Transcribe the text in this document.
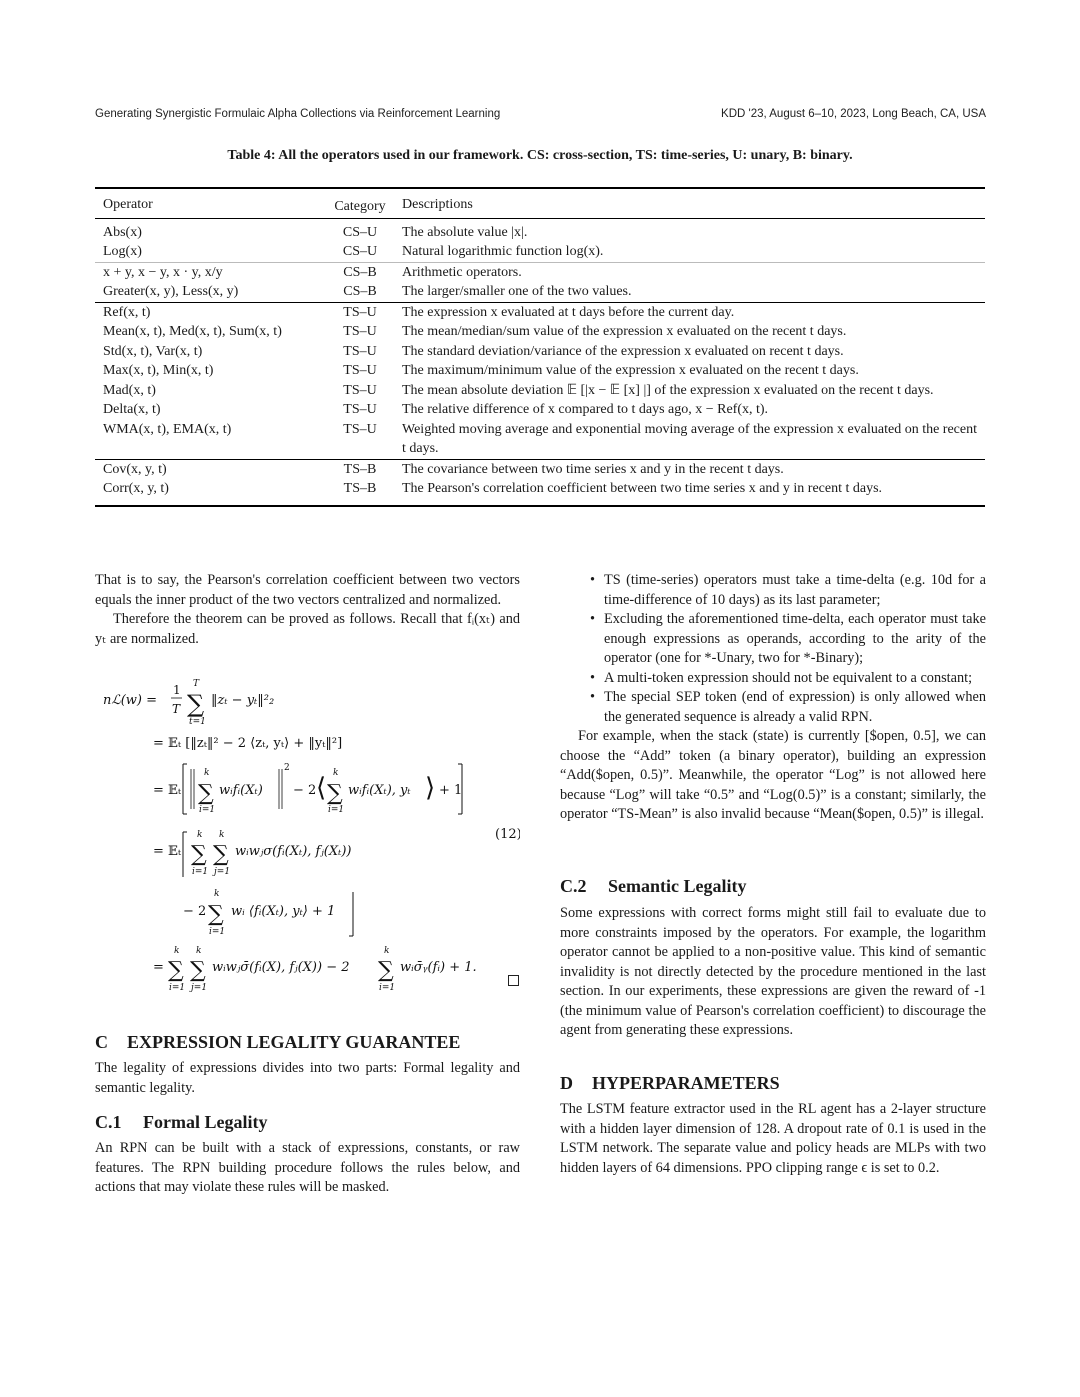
Generating Synergistic Formulaic Alpha Collections via Reinforcement Learning	KDD '23, August 6–10, 2023, Long Beach, CA, USA
Table 4: All the operators used in our framework. CS: cross-section, TS: time-series, U: unary, B: binary.
Operator	Category	Descriptions
Abs(x)	CS–U	The absolute value |x|.
Log(x)	CS–U	Natural logarithmic function log(x).
x + y, x − y, x · y, x/y	CS–B	Arithmetic operators.
Greater(x, y), Less(x, y)	CS–B	The larger/smaller one of the two values.
Ref(x, t)	TS–U	The expression x evaluated at t days before the current day.
Mean(x, t), Med(x, t), Sum(x, t)	TS–U	The mean/median/sum value of the expression x evaluated on the recent t days.
Std(x, t), Var(x, t)	TS–U	The standard deviation/variance of the expression x evaluated on recent t days.
Max(x, t), Min(x, t)	TS–U	The maximum/minimum value of the expression x evaluated on the recent t days.
Mad(x, t)	TS–U	The mean absolute deviation 𝔼 [|x − 𝔼 [x] |] of the expression x evaluated on the recent t days.
Delta(x, t)	TS–U	The relative difference of x compared to t days ago, x − Ref(x, t).
WMA(x, t), EMA(x, t)	TS–U	Weighted moving average and exponential moving average of the expression x evaluated on the recent t days.
Cov(x, y, t)	TS–B	The covariance between two time series x and y in the recent t days.
Corr(x, y, t)	TS–B	The Pearson's correlation coefficient between two time series x and y in recent t days.

That is to say, the Pearson's correlation coefficient between two vectors equals the inner product of the two vectors centralized and normalized.

Therefore the theorem can be proved as follows. Recall that fᵢ(xₜ) and yₜ are normalized.

nℒ(w) =
1
T ∑
T
t=1
‖zₜ − yₜ‖²₂
= 𝔼ₜ [‖zₜ‖² − 2 ⟨zₜ, yₜ⟩ + ‖yₜ‖²]
= 𝔼ₜ ∑
k
i=1
wᵢfᵢ(Xₜ)
2
− 2 ⟨ ∑
k
i=1
wᵢfᵢ(Xₜ), yₜ ⟩ + 1
= 𝔼ₜ ∑
k
i=1
∑
k
j=1
wᵢwⱼσ(fᵢ(Xₜ), fⱼ(Xₜ))
(12)
− 2 ∑
k
i=1
wᵢ ⟨fᵢ(Xₜ), yₜ⟩ + 1
= ∑
k
i=1
∑
k
j=1
wᵢwⱼσ̄(fᵢ(X), fⱼ(X)) − 2 ∑
k
i=1
wᵢσ̄ᵧ(fᵢ) + 1.
C EXPRESSION LEGALITY GUARANTEE

The legality of expressions divides into two parts: Formal legality and semantic legality.

C.1 Formal Legality

An RPN can be built with a stack of expressions, constants, or raw features. The RPN building procedure follows the rules below, and actions that may violate these rules will be masked.

• TS (time-series) operators must take a time-delta (e.g. 10d for a time-difference of 10 days) as its last parameter;
• Excluding the aforementioned time-delta, each operator must take enough expressions as operands, according to the arity of the operator (one for *-Unary, two for *-Binary);
• A multi-token expression should not be equivalent to a constant;
• The special SEP token (end of expression) is only allowed when the generated sequence is already a valid RPN.

For example, when the stack (state) is currently [$open, 0.5], we can choose the “Add” token (a binary operator), building an expression “Add($open, 0.5)”. Meanwhile, the operator “Log” is not allowed here because “Log” will take “0.5” and “Log(0.5)” is a constant; similarly, the operator “TS-Mean” is also invalid because “Mean($open, 0.5)” is illegal.

C.2 Semantic Legality

Some expressions with correct forms might still fail to evaluate due to more constraints imposed by the operators. For example, the logarithm operator cannot be applied to a non-positive value. This kind of semantic invalidity is not directly detected by the procedure mentioned in the last section. In our experiments, these expressions are given the reward of -1 (the minimum value of Pearson's correlation coefficient) to discourage the agent from generating these expressions.

D HYPERPARAMETERS

The LSTM feature extractor used in the RL agent has a 2-layer structure with a hidden layer dimension of 128. A dropout rate of 0.1 is used in the LSTM network. The separate value and policy heads are MLPs with two hidden layers of 64 dimensions. PPO clipping range ϵ is set to 0.2.
